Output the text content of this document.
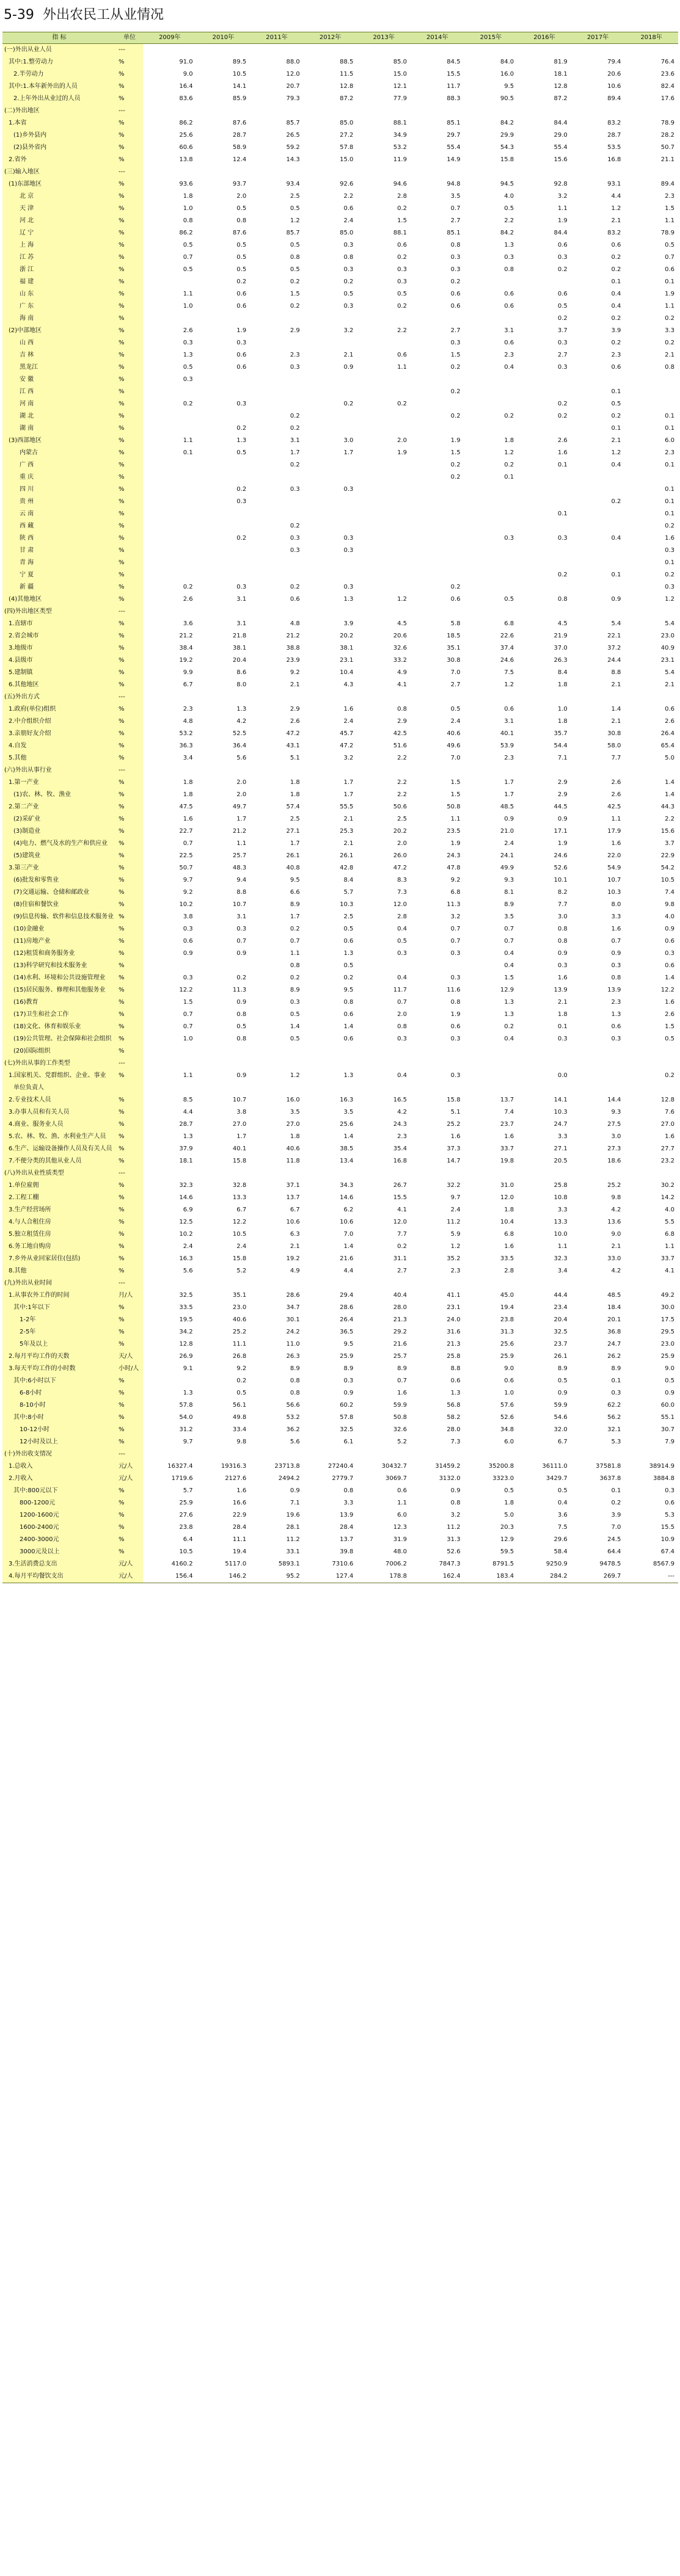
5-39 外出农民工从业情况
指 标	单位	2009年	2010年	2011年	2012年	2013年	2014年	2015年	2016年	2017年	2018年
(一)外出从业人员	---										
其中:1.整劳动力	%	91.0	89.5	88.0	88.5	85.0	84.5	84.0	81.9	79.4	76.4
2.半劳动力	%	9.0	10.5	12.0	11.5	15.0	15.5	16.0	18.1	20.6	23.6
其中:1.本年新外出的人员	%	16.4	14.1	20.7	12.8	12.1	11.7	9.5	12.8	10.6	82.4
2.上年外出从业过的人员	%	83.6	85.9	79.3	87.2	77.9	88.3	90.5	87.2	89.4	17.6
(二)外出地区	---										
1.本省	%	86.2	87.6	85.7	85.0	88.1	85.1	84.2	84.4	83.2	78.9
(1)乡外县内	%	25.6	28.7	26.5	27.2	34.9	29.7	29.9	29.0	28.7	28.2
(2)县外省内	%	60.6	58.9	59.2	57.8	53.2	55.4	54.3	55.4	53.5	50.7
2.省外	%	13.8	12.4	14.3	15.0	11.9	14.9	15.8	15.6	16.8	21.1
(三)输入地区	---										
(1)东部地区	%	93.6	93.7	93.4	92.6	94.6	94.8	94.5	92.8	93.1	89.4
北 京	%	1.8	2.0	2.5	2.2	2.8	3.5	4.0	3.2	4.4	2.3
天 津	%	1.0	0.5	0.5	0.6	0.2	0.7	0.5	1.1	1.2	1.5
河 北	%	0.8	0.8	1.2	2.4	1.5	2.7	2.2	1.9	2.1	1.1
辽 宁	%	86.2	87.6	85.7	85.0	88.1	85.1	84.2	84.4	83.2	78.9
上 海	%	0.5	0.5	0.5	0.3	0.6	0.8	1.3	0.6	0.6	0.5
江 苏	%	0.7	0.5	0.8	0.8	0.2	0.3	0.3	0.3	0.2	0.7
浙 江	%	0.5	0.5	0.5	0.3	0.3	0.3	0.8	0.2	0.2	0.6
福 建	%		0.2	0.2	0.2	0.3	0.2			0.1	0.1
山 东	%	1.1	0.6	1.5	0.5	0.5	0.6	0.6	0.6	0.4	1.9
广 东	%	1.0	0.6	0.2	0.3	0.2	0.6	0.6	0.5	0.4	1.1
海 南	%								0.2	0.2	0.2
(2)中部地区	%	2.6	1.9	2.9	3.2	2.2	2.7	3.1	3.7	3.9	3.3
山 西	%	0.3	0.3				0.3	0.6	0.3	0.2	0.2
吉 林	%	1.3	0.6	2.3	2.1	0.6	1.5	2.3	2.7	2.3	2.1
黑龙江	%	0.5	0.6	0.3	0.9	1.1	0.2	0.4	0.3	0.6	0.8
安 徽	%	0.3									
江 西	%						0.2			0.1	
河 南	%	0.2	0.3		0.2	0.2			0.2	0.5	
湖 北	%			0.2			0.2	0.2	0.2	0.2	0.1
湖 南	%		0.2	0.2						0.1	0.1
(3)西部地区	%	1.1	1.3	3.1	3.0	2.0	1.9	1.8	2.6	2.1	6.0
内蒙古	%	0.1	0.5	1.7	1.7	1.9	1.5	1.2	1.6	1.2	2.3
广 西	%			0.2			0.2	0.2	0.1	0.4	0.1
重 庆	%						0.2	0.1			
四 川	%		0.2	0.3	0.3						0.1
贵 州	%		0.3							0.2	0.1
云 南	%								0.1		0.1
西 藏	%			0.2							0.2
陕 西	%		0.2	0.3	0.3			0.3	0.3	0.4	1.6
甘 肃	%			0.3	0.3						0.3
青 海	%										0.1
宁 夏	%								0.2	0.1	0.2
新 疆	%	0.2	0.3	0.2	0.3		0.2				0.3
(4)其他地区	%	2.6	3.1	0.6	1.3	1.2	0.6	0.5	0.8	0.9	1.2
(四)外出地区类型	---										
1.直辖市	%	3.6	3.1	4.8	3.9	4.5	5.8	6.8	4.5	5.4	5.4
2.省会城市	%	21.2	21.8	21.2	20.2	20.6	18.5	22.6	21.9	22.1	23.0
3.地级市	%	38.4	38.1	38.8	38.1	32.6	35.1	37.4	37.0	37.2	40.9
4.县级市	%	19.2	20.4	23.9	23.1	33.2	30.8	24.6	26.3	24.4	23.1
5.建制镇	%	9.9	8.6	9.2	10.4	4.9	7.0	7.5	8.4	8.8	5.4
6.其他地区	%	6.7	8.0	2.1	4.3	4.1	2.7	1.2	1.8	2.1	2.1
(五)外出方式	---										
1.政府(单位)组织	%	2.3	1.3	2.9	1.6	0.8	0.5	0.6	1.0	1.4	0.6
2.中介组织介绍	%	4.8	4.2	2.6	2.4	2.9	2.4	3.1	1.8	2.1	2.6
3.亲朋好友介绍	%	53.2	52.5	47.2	45.7	42.5	40.6	40.1	35.7	30.8	26.4
4.自发	%	36.3	36.4	43.1	47.2	51.6	49.6	53.9	54.4	58.0	65.4
5.其他	%	3.4	5.6	5.1	3.2	2.2	7.0	2.3	7.1	7.7	5.0
(六)外出从事行业	---										
1.第一产业	%	1.8	2.0	1.8	1.7	2.2	1.5	1.7	2.9	2.6	1.4
(1)农、林、牧、渔业	%	1.8	2.0	1.8	1.7	2.2	1.5	1.7	2.9	2.6	1.4
2.第二产业	%	47.5	49.7	57.4	55.5	50.6	50.8	48.5	44.5	42.5	44.3
(2)采矿业	%	1.6	1.7	2.5	2.1	2.5	1.1	0.9	0.9	1.1	2.2
(3)制造业	%	22.7	21.2	27.1	25.3	20.2	23.5	21.0	17.1	17.9	15.6
(4)电力、燃气及水的生产和供应业	%	0.7	1.1	1.7	2.1	2.0	1.9	2.4	1.9	1.6	3.7
(5)建筑业	%	22.5	25.7	26.1	26.1	26.0	24.3	24.1	24.6	22.0	22.9
3.第三产业	%	50.7	48.3	40.8	42.8	47.2	47.8	49.9	52.6	54.9	54.2
(6)批发和零售业	%	9.7	9.4	9.5	8.4	8.3	9.2	9.3	10.1	10.7	10.5
(7)交通运输、仓储和邮政业	%	9.2	8.8	6.6	5.7	7.3	6.8	8.1	8.2	10.3	7.4
(8)住宿和餐饮业	%	10.2	10.7	8.9	10.3	12.0	11.3	8.9	7.7	8.0	9.8
(9)信息传输、软件和信息技术服务业	%	3.8	3.1	1.7	2.5	2.8	3.2	3.5	3.0	3.3	4.0
(10)金融业	%	0.3	0.3	0.2	0.5	0.4	0.7	0.7	0.8	1.6	0.9
(11)房地产业	%	0.6	0.7	0.7	0.6	0.5	0.7	0.7	0.8	0.7	0.6
(12)租赁和商务服务业	%	0.9	0.9	1.1	1.3	0.3	0.3	0.4	0.9	0.9	0.3
(13)科学研究和技术服务业	%			0.8	0.5			0.4	0.3	0.3	0.6
(14)水利、环境和公共设施管理业	%	0.3	0.2	0.2	0.2	0.4	0.3	1.5	1.6	0.8	1.4
(15)居民服务、修理和其他服务业	%	12.2	11.3	8.9	9.5	11.7	11.6	12.9	13.9	13.9	12.2
(16)教育	%	1.5	0.9	0.3	0.8	0.7	0.8	1.3	2.1	2.3	1.6
(17)卫生和社会工作	%	0.7	0.8	0.5	0.6	2.0	1.9	1.3	1.8	1.3	2.6
(18)文化、体育和娱乐业	%	0.7	0.5	1.4	1.4	0.8	0.6	0.2	0.1	0.6	1.5
(19)公共管理、社会保障和社会组织	%	1.0	0.8	0.5	0.6	0.3	0.3	0.4	0.3	0.3	0.5
(20)国际组织	%										
(七)外出从事的工作类型	---										
1.国家机关、党群组织、企业、事业	%	1.1	0.9	1.2	1.3	0.4	0.3		0.0		0.2
单位负责人											
2.专业技术人员	%	8.5	10.7	16.0	16.3	16.5	15.8	13.7	14.1	14.4	12.8
3.办事人员和有关人员	%	4.4	3.8	3.5	3.5	4.2	5.1	7.4	10.3	9.3	7.6
4.商业、服务业人员	%	28.7	27.0	27.0	25.6	24.3	25.2	23.7	24.7	27.5	27.0
5.农、林、牧、渔、水利业生产人员	%	1.3	1.7	1.8	1.4	2.3	1.6	1.6	3.3	3.0	1.6
6.生产、运输设备操作人员及有关人员	%	37.9	40.1	40.6	38.5	35.4	37.3	33.7	27.1	27.3	27.7
7.不便分类的其他从业人员	%	18.1	15.8	11.8	13.4	16.8	14.7	19.8	20.5	18.6	23.2
(八)外出从业性质类型	---										
1.单位雇佣	%	32.3	32.8	37.1	34.3	26.7	32.2	31.0	25.8	25.2	30.2
2.工程工棚	%	14.6	13.3	13.7	14.6	15.5	9.7	12.0	10.8	9.8	14.2
3.生产经营场所	%	6.9	6.7	6.7	6.2	4.1	2.4	1.8	3.3	4.2	4.0
4.与人合租住房	%	12.5	12.2	10.6	10.6	12.0	11.2	10.4	13.3	13.6	5.5
5.独立租赁住房	%	10.2	10.5	6.3	7.0	7.7	5.9	6.8	10.0	9.0	6.8
6.务工地自购房	%	2.4	2.4	2.1	1.4	0.2	1.2	1.6	1.1	2.1	1.1
7.乡外从业回家居住(包括)	%	16.3	15.8	19.2	21.6	31.1	35.2	33.5	32.3	33.0	33.7
8.其他	%	5.6	5.2	4.9	4.4	2.7	2.3	2.8	3.4	4.2	4.1
(九)外出从业时间	---										
1.从事农外工作的时间	月/人	32.5	35.1	28.6	29.4	40.4	41.1	45.0	44.4	48.5	49.2
其中:1年以下	%	33.5	23.0	34.7	28.6	28.0	23.1	19.4	23.4	18.4	30.0
1-2年	%	19.5	40.6	30.1	26.4	21.3	24.0	23.8	20.4	20.1	17.5
2-5年	%	34.2	25.2	24.2	36.5	29.2	31.6	31.3	32.5	36.8	29.5
5年及以上	%	12.8	11.1	11.0	9.5	21.6	21.3	25.6	23.7	24.7	23.0
2.每月平均工作的天数	天/人	26.9	26.8	26.3	25.9	25.7	25.8	25.9	26.1	26.2	25.9
3.每天平均工作的小时数	小时/人	9.1	9.2	8.9	8.9	8.9	8.8	9.0	8.9	8.9	9.0
其中:6小时以下	%		0.2	0.8	0.3	0.7	0.6	0.6	0.5	0.1	0.5
6-8小时	%	1.3	0.5	0.8	0.9	1.6	1.3	1.0	0.9	0.3	0.9
8-10小时	%	57.8	56.1	56.6	60.2	59.9	56.8	57.6	59.9	62.2	60.0
其中:8小时	%	54.0	49.8	53.2	57.8	50.8	58.2	52.6	54.6	56.2	55.1
10-12小时	%	31.2	33.4	36.2	32.5	32.6	28.0	34.8	32.0	32.1	30.7
12小时及以上	%	9.7	9.8	5.6	6.1	5.2	7.3	6.0	6.7	5.3	7.9
(十)外出收支情况	---										
1.总收入	元/人	16327.4	19316.3	23713.8	27240.4	30432.7	31459.2	35200.8	36111.0	37581.8	38914.9
2.月收入	元/人	1719.6	2127.6	2494.2	2779.7	3069.7	3132.0	3323.0	3429.7	3637.8	3884.8
其中:800元以下	%	5.7	1.6	0.9	0.8	0.6	0.9	0.5	0.5	0.1	0.3
800-1200元	%	25.9	16.6	7.1	3.3	1.1	0.8	1.8	0.4	0.2	0.6
1200-1600元	%	27.6	22.9	19.6	13.9	6.0	3.2	5.0	3.6	3.9	5.3
1600-2400元	%	23.8	28.4	28.1	28.4	12.3	11.2	20.3	7.5	7.0	15.5
2400-3000元	%	6.4	11.1	11.2	13.7	31.9	31.3	12.9	29.6	24.5	10.9
3000元及以上	%	10.5	19.4	33.1	39.8	48.0	52.6	59.5	58.4	64.4	67.4
3.生活消费总支出	元/人	4160.2	5117.0	5893.1	7310.6	7006.2	7847.3	8791.5	9250.9	9478.5	8567.9
4.每月平均餐饮支出	元/人	156.4	146.2	95.2	127.4	178.8	162.4	183.4	284.2	269.7	---
